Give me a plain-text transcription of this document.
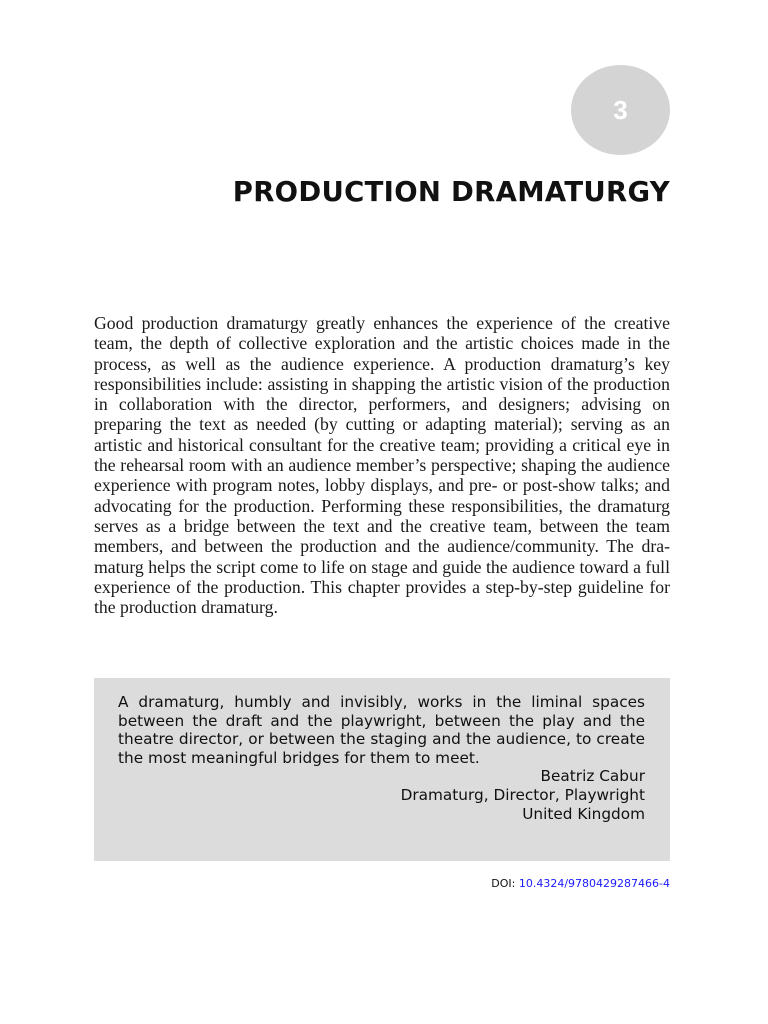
3
PRODUCTION DRAMATURGY

Good production dramaturgy greatly enhances the experience of the creative team, the depth of collective exploration and the artistic choices made in the process, as well as the audience experience. A production dramaturg’s key responsibilities include: assisting in shapping the artistic vision of the production in collaboration with the director, performers, and designers; advising on preparing the text as needed (by cutting or adapting material); serving as an artistic and historical consultant for the creative team; providing a critical eye in the rehearsal room with an audience member’s perspective; shaping the audience experience with program notes, lobby displays, and pre- or post-show talks; and advocating for the production. Performing these responsibilities, the dramaturg serves as a bridge between the text and the creative team, between the team members, and between the production and the audience/community. The dramaturg helps the script come to life on stage and guide the audience toward a full experience of the production. This chapter provides a step-by-step guideline for the production dramaturg.

A dramaturg, humbly and invisibly, works in the liminal spaces between the draft and the playwright, between the play and the theatre director, or between the staging and the audience, to create the most meaningful bridges for them to meet.

Beatriz Cabur

Dramaturg, Director, Playwright

United Kingdom

DOI: 10.4324/9780429287466-4
